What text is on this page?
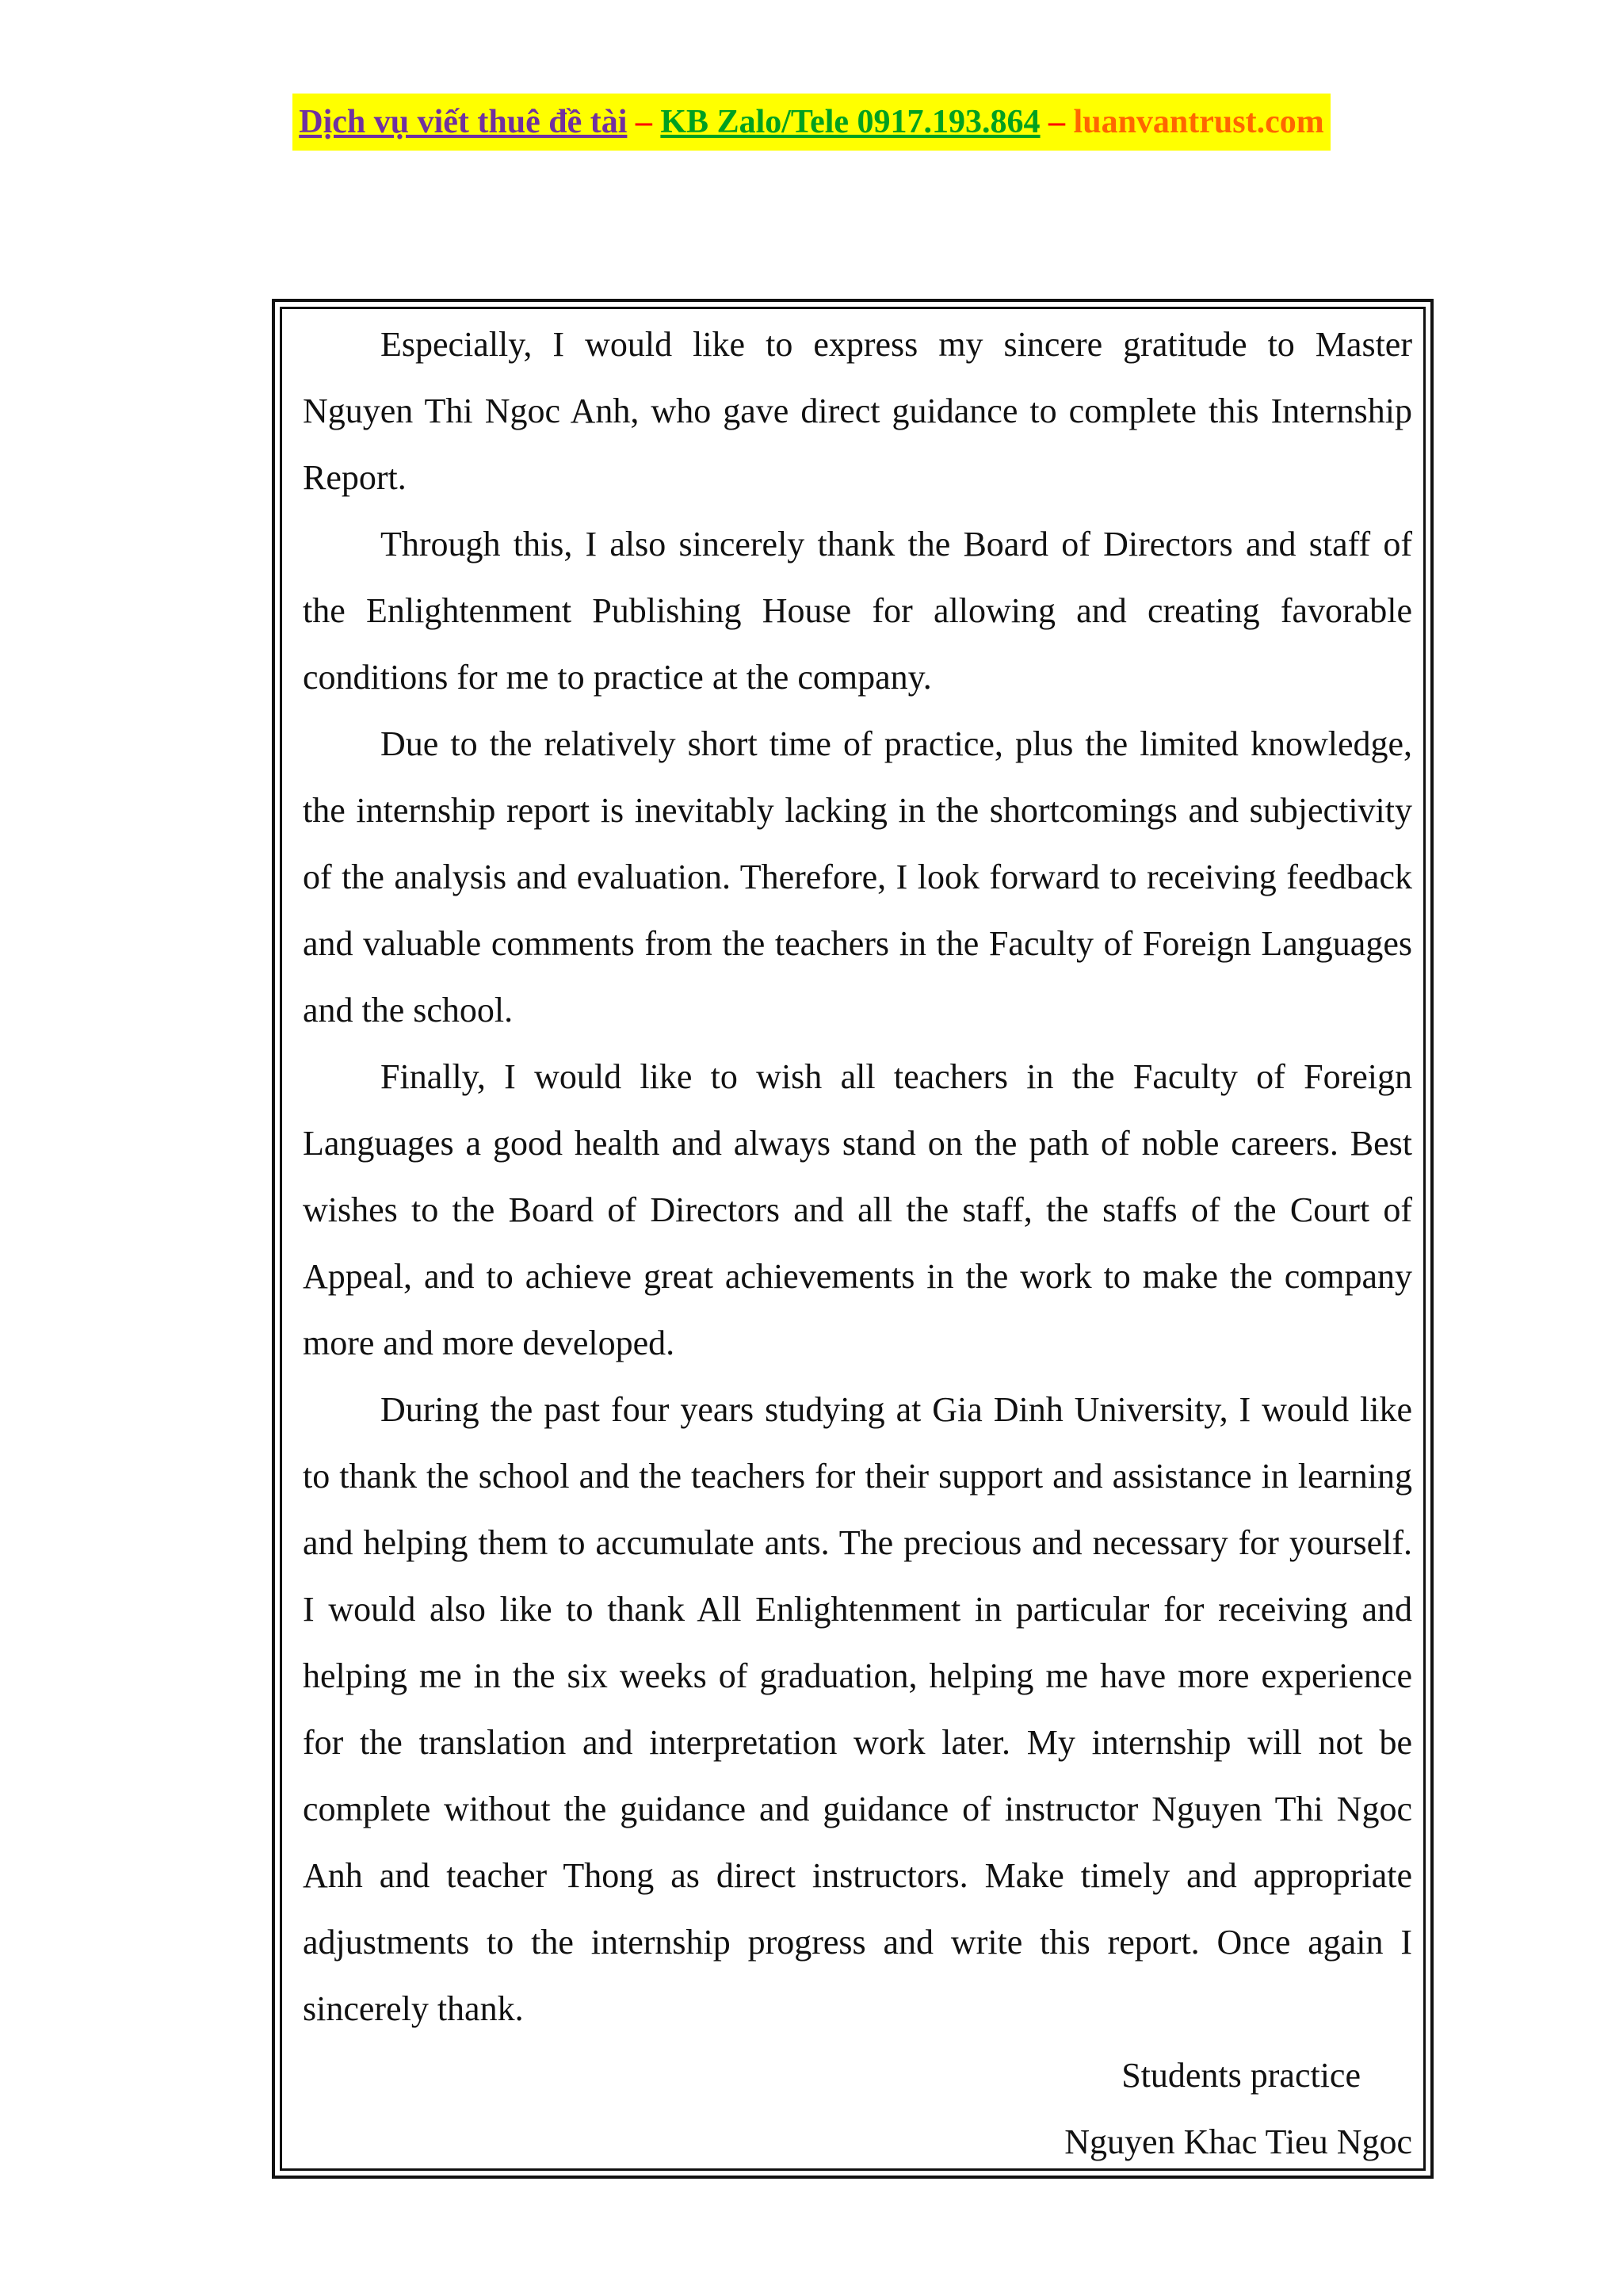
Dịch vụ viết thuê đề tài – KB Zalo/Tele 0917.193.864 – luanvantrust.com

Especially, I would like to express my sincere gratitude to Master Nguyen Thi Ngoc Anh, who gave direct guidance to complete this Internship Report.

Through this, I also sincerely thank the Board of Directors and staff of the Enlightenment Publishing House for allowing and creating favorable conditions for me to practice at the company.

Due to the relatively short time of practice, plus the limited knowledge, the internship report is inevitably lacking in the shortcomings and subjectivity of the analysis and evaluation. Therefore, I look forward to receiving feedback and valuable comments from the teachers in the Faculty of Foreign Languages and the school.

Finally, I would like to wish all teachers in the Faculty of Foreign Languages a good health and always stand on the path of noble careers. Best wishes to the Board of Directors and all the staff, the staffs of the Court of Appeal, and to achieve great achievements in the work to make the company more and more developed.

During the past four years studying at Gia Dinh University, I would like to thank the school and the teachers for their support and assistance in learning and helping them to accumulate ants. The precious and necessary for yourself. I would also like to thank All Enlightenment in particular for receiving and helping me in the six weeks of graduation, helping me have more experience for the translation and interpretation work later. My internship will not be complete without the guidance and guidance of instructor Nguyen Thi Ngoc Anh and teacher Thong as direct instructors. Make timely and appropriate adjustments to the internship progress and write this report. Once again I sincerely thank.

Students practice

Nguyen Khac Tieu Ngoc
